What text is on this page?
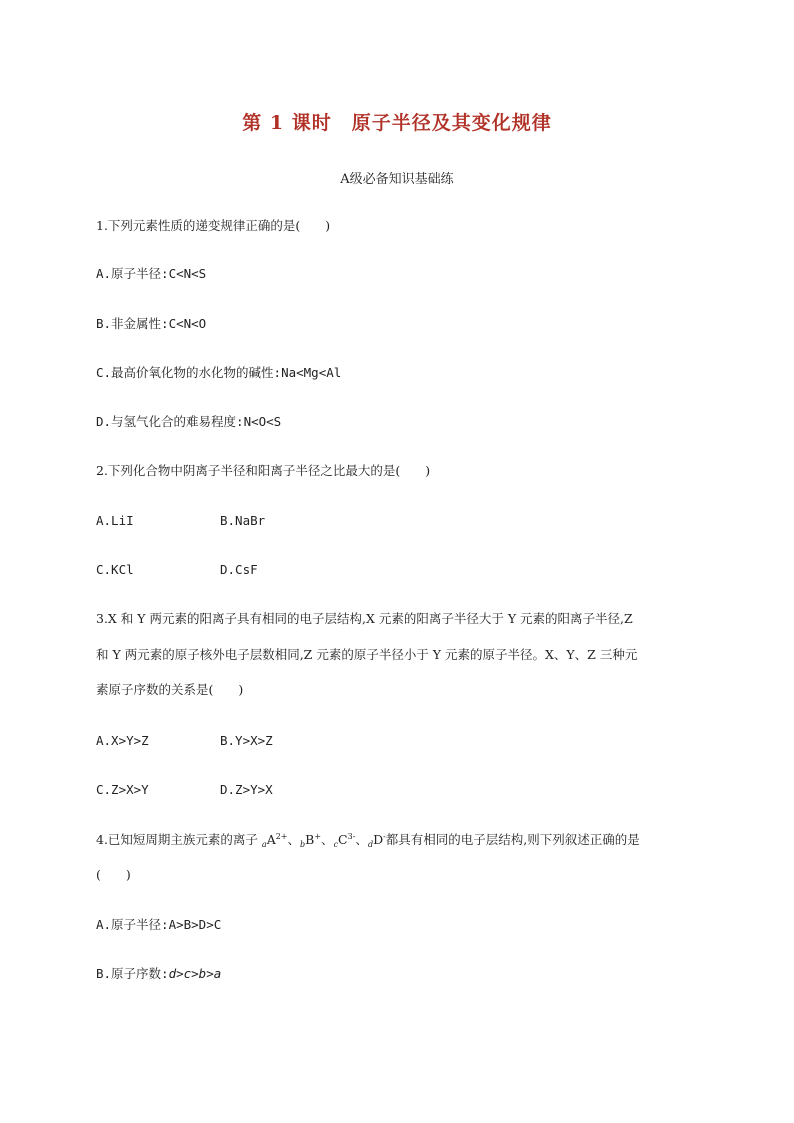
第 1 课时　原子半径及其变化规律
A级必备知识基础练
1.下列元素性质的递变规律正确的是(　　)
A.原子半径:C<N<S
B.非金属性:C<N<O
C.最高价氧化物的水化物的碱性:Na<Mg<Al
D.与氢气化合的难易程度:N<O<S
2.下列化合物中阴离子半径和阳离子半径之比最大的是(　　)
A.LiI	B.NaBr
C.KCl	D.CsF
3.X 和 Y 两元素的阳离子具有相同的电子层结构,X 元素的阳离子半径大于 Y 元素的阳离子半径,Z
和 Y 两元素的原子核外电子层数相同,Z 元素的原子半径小于 Y 元素的原子半径。X、Y、Z 三种元
素原子序数的关系是(　　)
A.X>Y>Z	B.Y>X>Z
C.Z>X>Y	D.Z>Y>X
4.已知短周期主族元素的离子 $aA^{2+}$、bB+、$cC^{3-}$、dD-都具有相同的电子层结构,则下列叙述正确的是
(　　)
A.原子半径:A>B>D>C
B.原子序数:d>c>b>a
